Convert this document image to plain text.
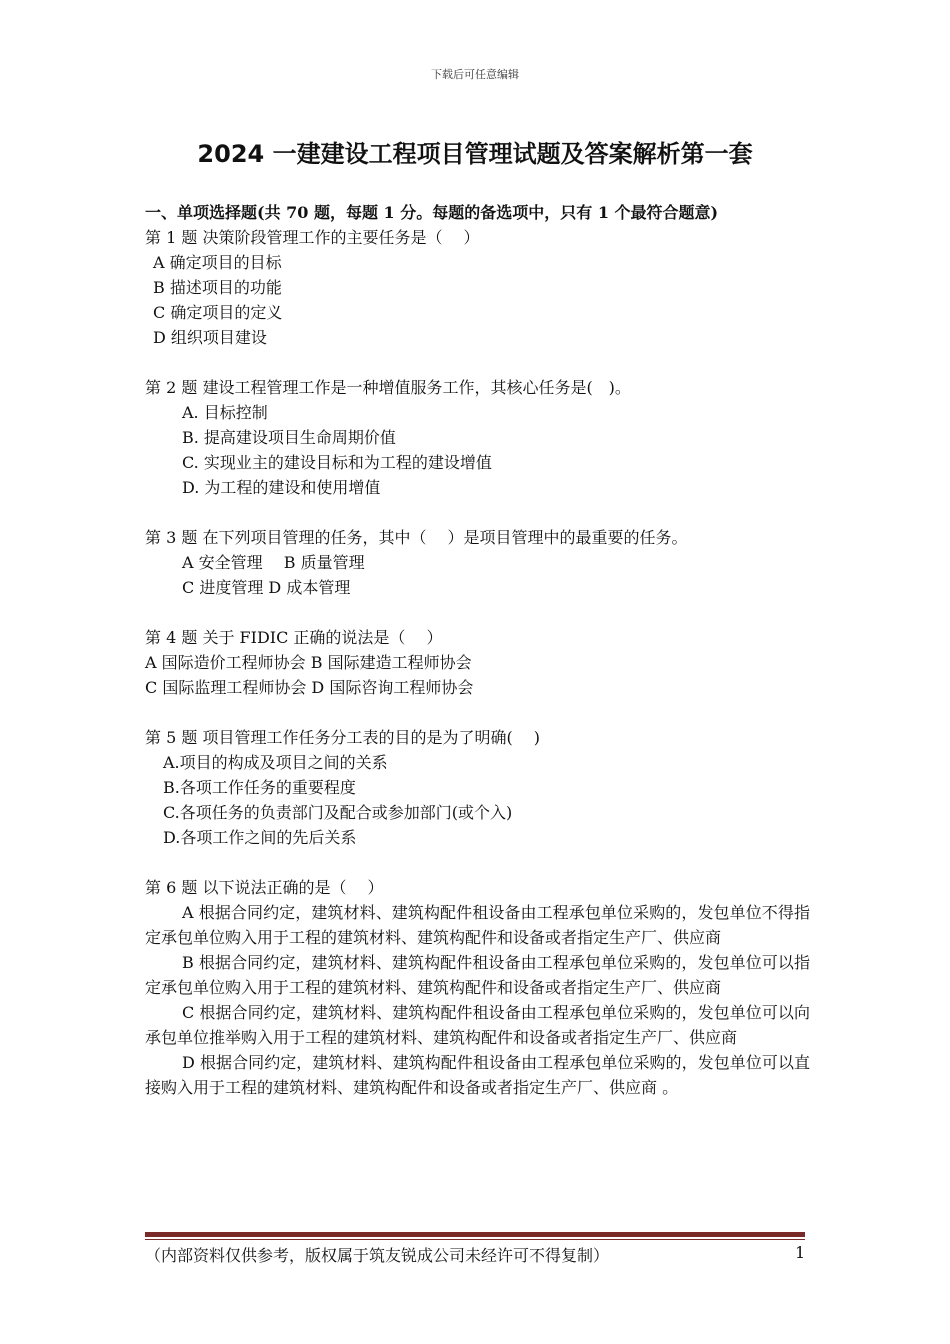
下载后可任意编辑
2024 一建建设工程项目管理试题及答案解析第一套
一、单项选择题(共 70 题，每题 1 分。每题的备选项中，只有 1 个最符合题意)

第 1 题 决策阶段管理工作的主要任务是（　 ）

A 确定项目的目标

B 描述项目的功能

C 确定项目的定义

D 组织项目建设

第 2 题 建设工程管理工作是一种增值服务工作，其核心任务是(　)。

A. 目标控制

B. 提高建设项目生命周期价值

C. 实现业主的建设目标和为工程的建设增值

D. 为工程的建设和使用增值

第 3 题 在下列项目管理的任务，其中（　 ）是项目管理中的最重要的任务。

A 安全管理　 B 质量管理

C 进度管理 D 成本管理

第 4 题 关于 FIDIC 正确的说法是（　 ）

A 国际造价工程师协会 B 国际建造工程师协会

C 国际监理工程师协会 D 国际咨询工程师协会

第 5 题 项目管理工作任务分工表的目的是为了明确(　 )

A.项目的构成及项目之间的关系

B.各项工作任务的重要程度

C.各项任务的负责部门及配合或参加部门(或个入)

D.各项工作之间的先后关系

第 6 题 以下说法正确的是（　 ）

A 根据合同约定，建筑材料、建筑构配件租设备由工程承包单位采购的，发包单位不得指定承包单位购入用于工程的建筑材料、建筑构配件和设备或者指定生产厂、供应商

B 根据合同约定，建筑材料、建筑构配件租设备由工程承包单位采购的，发包单位可以指定承包单位购入用于工程的建筑材料、建筑构配件和设备或者指定生产厂、供应商

C 根据合同约定，建筑材料、建筑构配件租设备由工程承包单位采购的，发包单位可以向承包单位推举购入用于工程的建筑材料、建筑构配件和设备或者指定生产厂、供应商

D 根据合同约定，建筑材料、建筑构配件租设备由工程承包单位采购的，发包单位可以直接购入用于工程的建筑材料、建筑构配件和设备或者指定生产厂、供应商 。

（内部资料仅供参考，版权属于筑友锐成公司未经许可不得复制）	1
